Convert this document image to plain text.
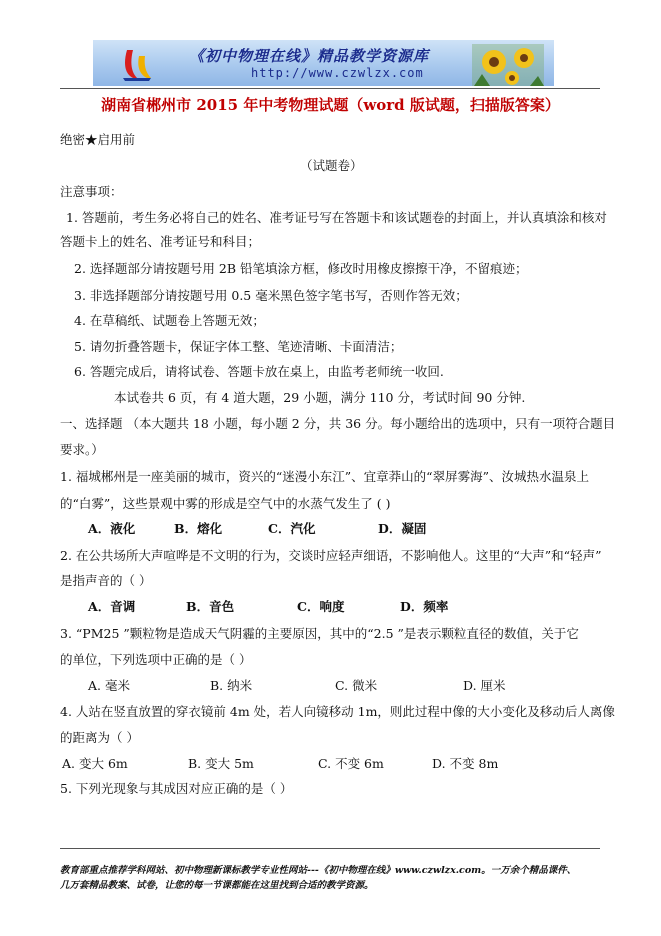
《初中物理在线》精品教学资源库
http://www.czwlzx.com
湖南省郴州市 2015 年中考物理试题（word 版试题，扫描版答案）
绝密★启用前
（试题卷）
注意事项：
1. 答题前，考生务必将自己的姓名、准考证号写在答题卡和该试题卷的封面上，并认真填涂和核对
答题卡上的姓名、准考证号和科目；
2. 选择题部分请按题号用 2B 铅笔填涂方框，修改时用橡皮擦擦干净，不留痕迹；
3. 非选择题部分请按题号用 0.5 毫米黑色签字笔书写，否则作答无效；
4. 在草稿纸、试题卷上答题无效；
5. 请勿折叠答题卡，保证字体工整、笔迹清晰、卡面清洁；
6. 答题完成后，请将试卷、答题卡放在桌上，由监考老师统一收回.
本试卷共 6 页，有 4 道大题，29 小题，满分 110 分，考试时间 90 分钟.
一、选择题 （本大题共 18 小题，每小题 2 分，共 36 分。每小题给出的选项中，只有一项符合题目
要求。）
1. 福城郴州是一座美丽的城市，资兴的“迷漫小东江”、宜章莽山的“翠屏雾海”、汝城热水温泉上
的“白雾”，这些景观中雾的形成是空气中的水蒸气发生了 ( )
A．液化	B．熔化	C．汽化	D．凝固
2. 在公共场所大声喧哗是不文明的行为，交谈时应轻声细语，不影响他人。这里的“大声”和“轻声”
是指声音的（ ）
A．音调	B．音色	C．响度	D．频率
3. “PM25 ”颗粒物是造成天气阴霾的主要原因，其中的“2.5 ”是表示颗粒直径的数值，关于它
的单位，下列选项中正确的是（ ）
A. 毫米	B. 纳米	C. 微米	D. 厘米
4. 人站在竖直放置的穿衣镜前 4m 处，若人向镜移动 1m，则此过程中像的大小变化及移动后人离像
的距离为（ ）
A. 变大 6m	B. 变大 5m	C. 不变 6m	D. 不变 8m
5. 下列光现象与其成因对应正确的是（ ）
教育部重点推荐学科网站、初中物理新课标教学专业性网站---《初中物理在线》www.czwlzx.com。一万余个精品课件、
几万套精品教案、试卷，让您的每一节课都能在这里找到合适的教学资源。
